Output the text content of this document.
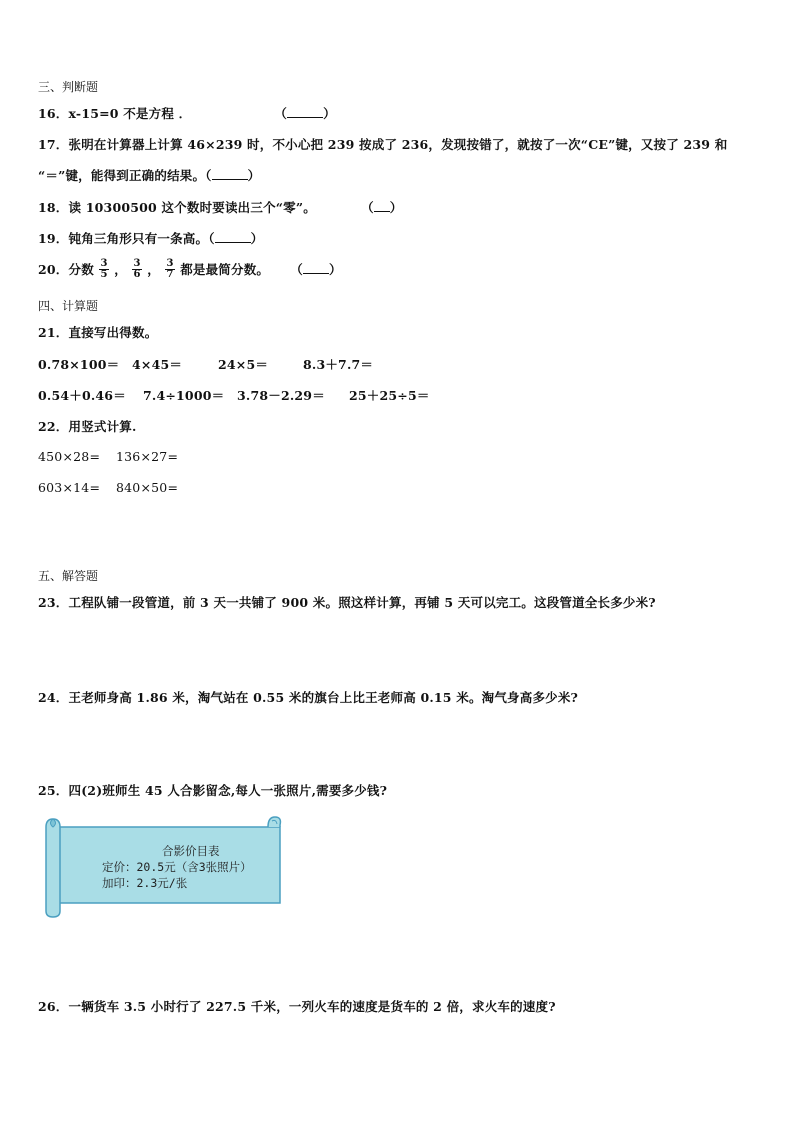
三、判断题
16．x-15=0 不是方程 ．	（	）
17．张明在计算器上计算 46×239 时，不小心把 239 按成了 236，发现按错了，就按了一次“CE”键，又按了 239 和
“＝”键，能得到正确的结果。（	）
18．读 10300500 这个数时要读出三个“零”。	（ ）
19．钝角三角形只有一条高。（	）
20．分数 $\frac{3}{5}$ ， $\frac{3}{6}$ ， $\frac{3}{7}$ 都是最简分数。 （ ）
四、计算题
21．直接写出得数。
0.78×100＝ 4×45＝	24×5＝	8.3＋7.7＝
0.54＋0.46＝ 7.4÷1000＝ 3.78－2.29＝ 25＋25÷5＝
22．用竖式计算.
450×28= 136×27=
603×14= 840×50=
五、解答题
23．工程队铺一段管道，前 3 天一共铺了 900 米。照这样计算，再铺 5 天可以完工。这段管道全长多少米?
24．王老师身高 1.86 米，淘气站在 0.55 米的旗台上比王老师高 0.15 米。淘气身高多少米?
25．四(2)班师生 45 人合影留念,每人一张照片,需要多少钱?
合影价目表
定价：20.5元（含3张照片）
加印：2.3元/张
26．一辆货车 3.5 小时行了 227.5 千米，一列火车的速度是货车的 2 倍，求火车的速度?
